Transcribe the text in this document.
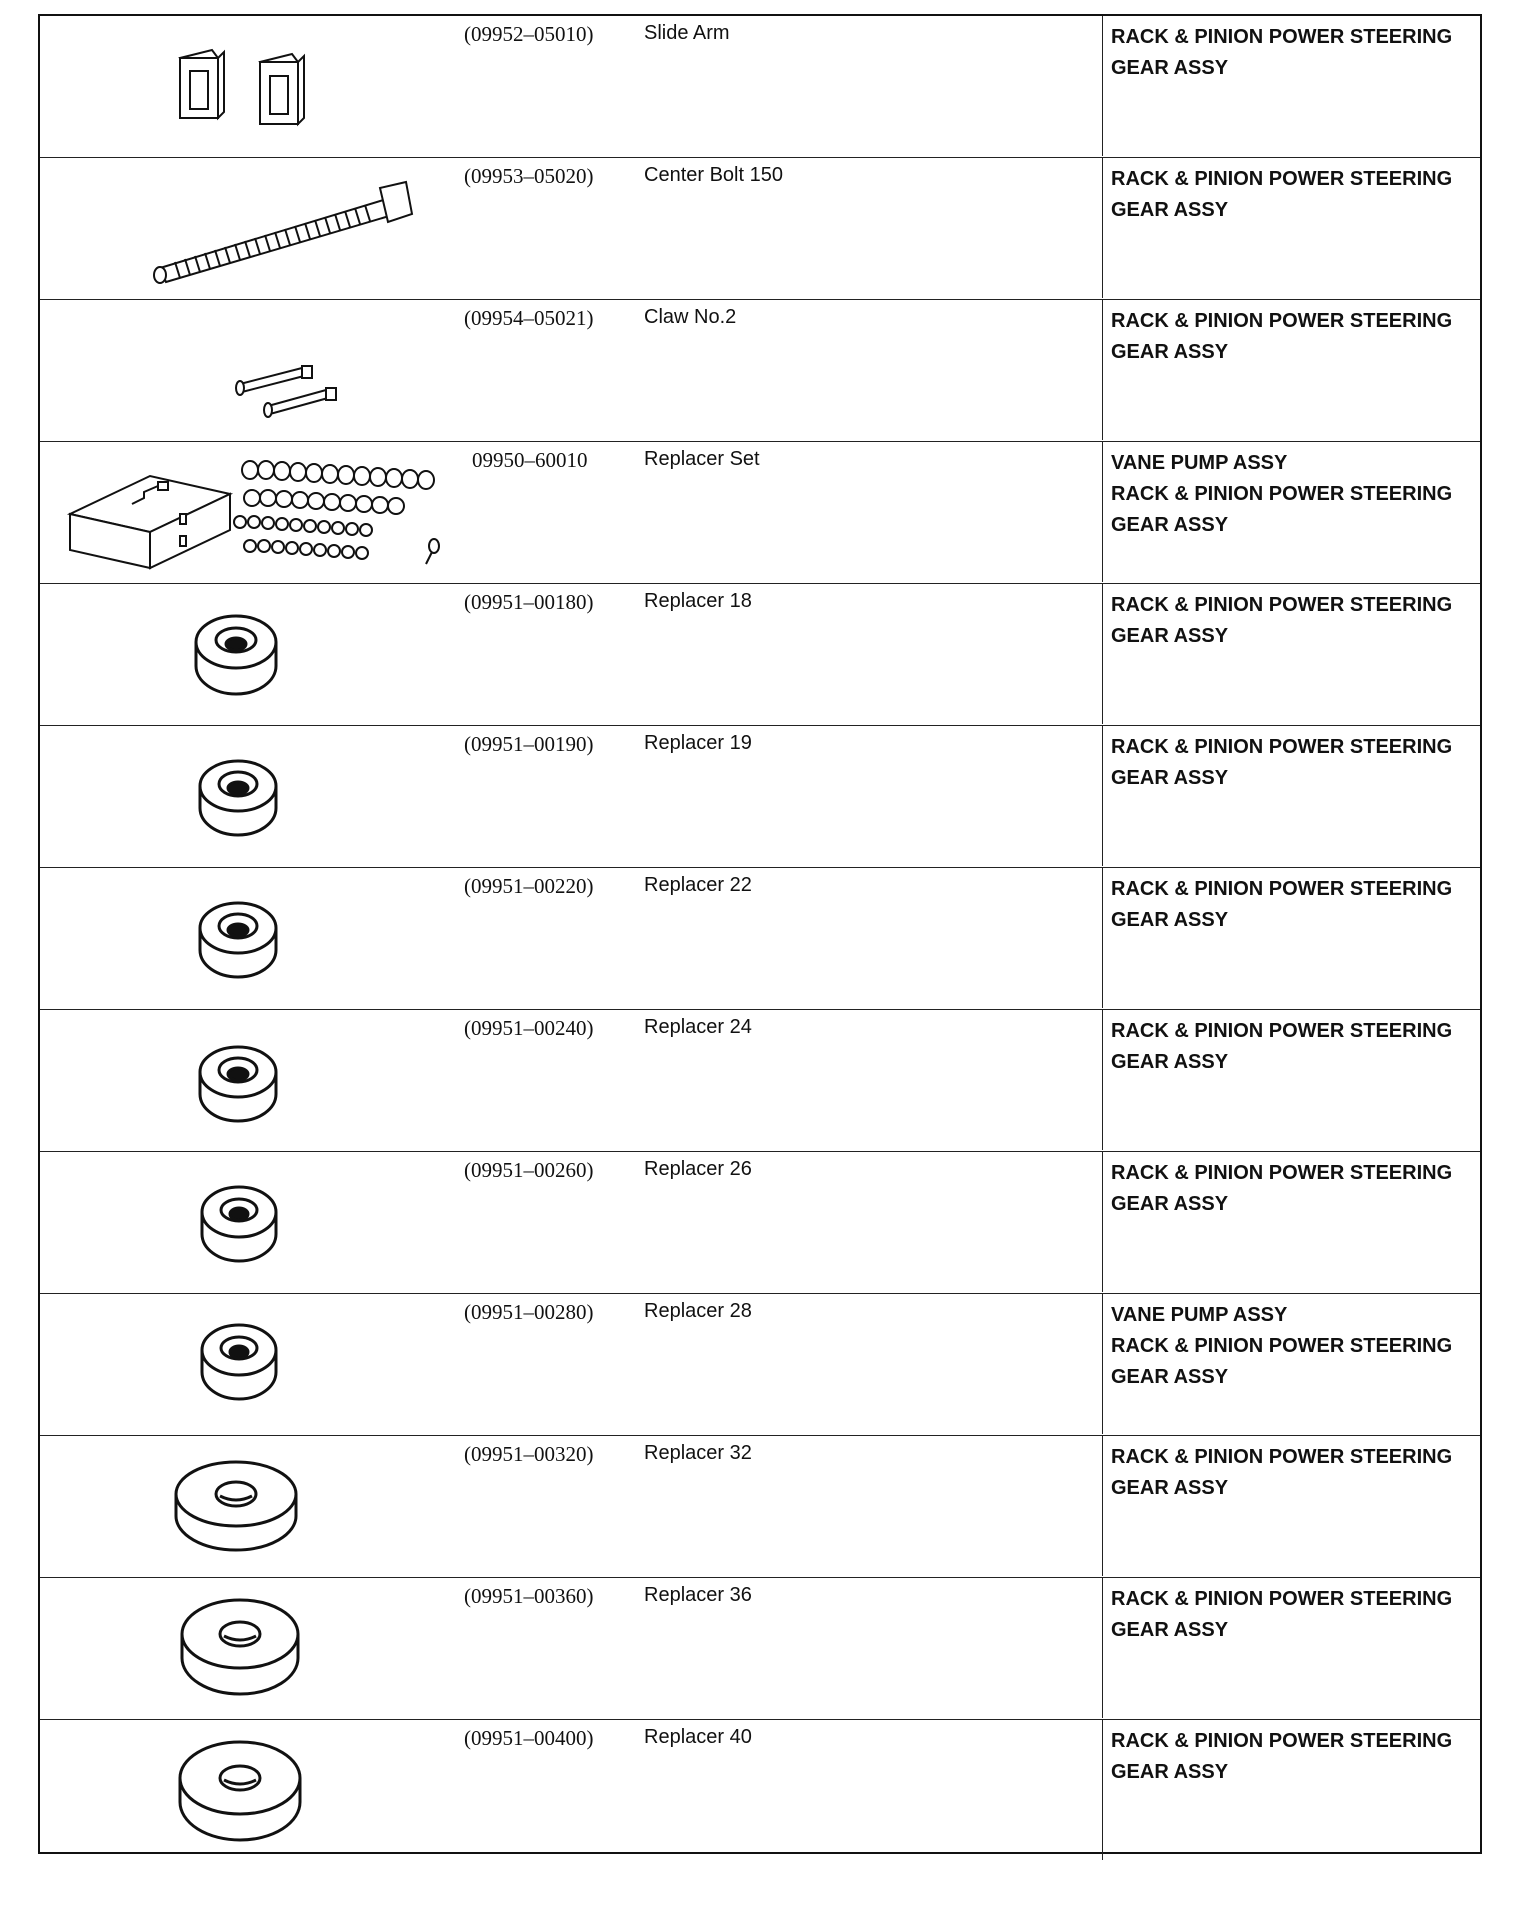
(09952–05010)	Slide Arm	RACK & PINION POWER STEERING
GEAR ASSY
(09953–05020)	Center Bolt 150	RACK & PINION POWER STEERING
GEAR ASSY
(09954–05021)	Claw No.2	RACK & PINION POWER STEERING
GEAR ASSY
09950–60010	Replacer Set	VANE PUMP ASSY
RACK & PINION POWER STEERING
GEAR ASSY
(09951–00180)	Replacer 18	RACK & PINION POWER STEERING
GEAR ASSY
(09951–00190)	Replacer 19	RACK & PINION POWER STEERING
GEAR ASSY
(09951–00220)	Replacer 22	RACK & PINION POWER STEERING
GEAR ASSY
(09951–00240)	Replacer 24	RACK & PINION POWER STEERING
GEAR ASSY
(09951–00260)	Replacer 26	RACK & PINION POWER STEERING
GEAR ASSY
(09951–00280)	Replacer 28	VANE PUMP ASSY
RACK & PINION POWER STEERING
GEAR ASSY
(09951–00320)	Replacer 32	RACK & PINION POWER STEERING
GEAR ASSY
(09951–00360)	Replacer 36	RACK & PINION POWER STEERING
GEAR ASSY
(09951–00400)	Replacer 40	RACK & PINION POWER STEERING
GEAR ASSY
